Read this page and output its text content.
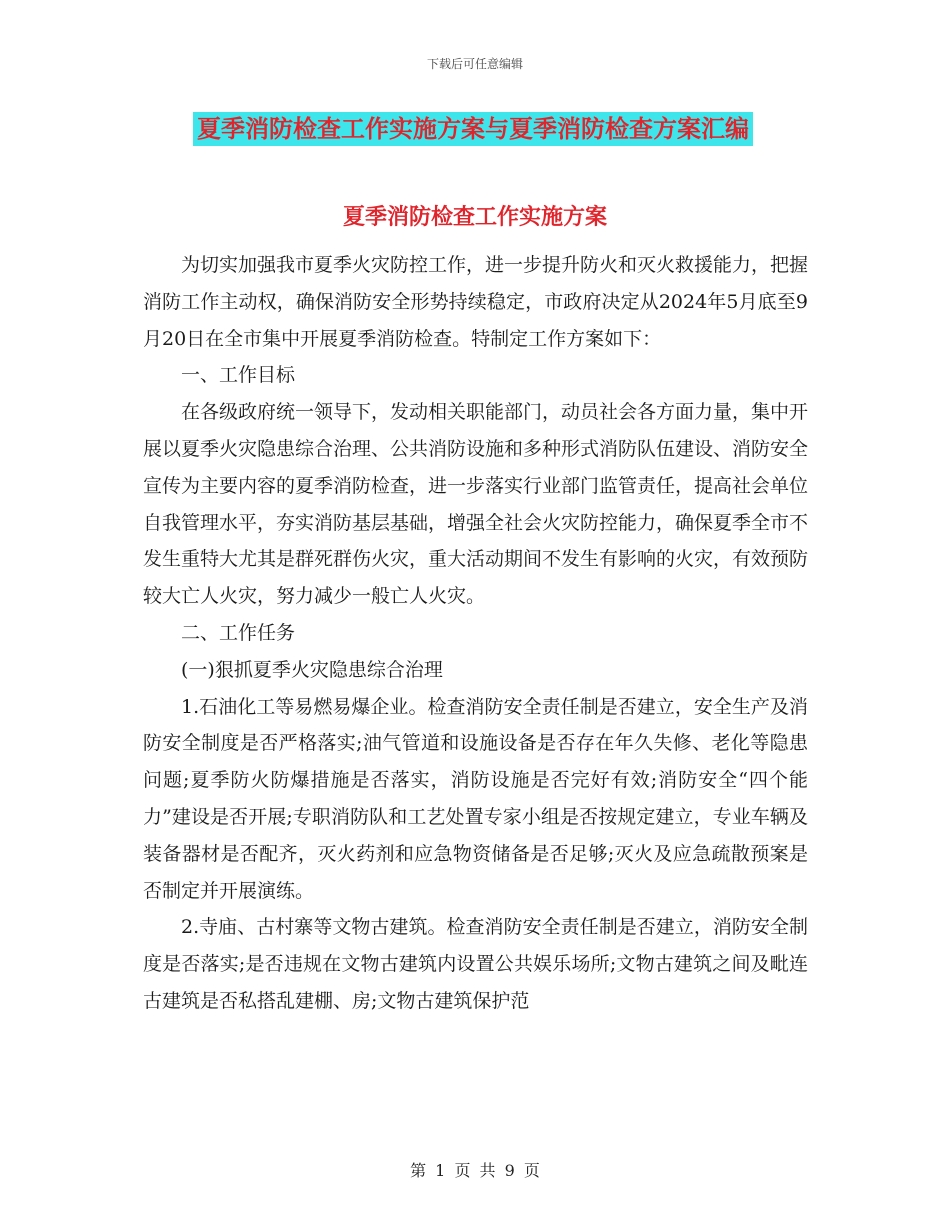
下载后可任意编辑
夏季消防检查工作实施方案与夏季消防检查方案汇编
夏季消防检查工作实施方案

为切实加强我市夏季火灾防控工作，进一步提升防火和灭火救援能力，把握消防工作主动权，确保消防安全形势持续稳定，市政府决定从2024年5月底至9月20日在全市集中开展夏季消防检查。特制定工作方案如下：

一、工作目标

在各级政府统一领导下，发动相关职能部门，动员社会各方面力量，集中开展以夏季火灾隐患综合治理、公共消防设施和多种形式消防队伍建设、消防安全宣传为主要内容的夏季消防检查，进一步落实行业部门监管责任，提高社会单位自我管理水平，夯实消防基层基础，增强全社会火灾防控能力，确保夏季全市不发生重特大尤其是群死群伤火灾，重大活动期间不发生有影响的火灾，有效预防较大亡人火灾，努力减少一般亡人火灾。

二、工作任务

(一)狠抓夏季火灾隐患综合治理

1.石油化工等易燃易爆企业。检查消防安全责任制是否建立，安全生产及消防安全制度是否严格落实;油气管道和设施设备是否存在年久失修、老化等隐患问题;夏季防火防爆措施是否落实，消防设施是否完好有效;消防安全“四个能力”建设是否开展;专职消防队和工艺处置专家小组是否按规定建立，专业车辆及装备器材是否配齐，灭火药剂和应急物资储备是否足够;灭火及应急疏散预案是否制定并开展演练。

2.寺庙、古村寨等文物古建筑。检查消防安全责任制是否建立，消防安全制度是否落实;是否违规在文物古建筑内设置公共娱乐场所;文物古建筑之间及毗连古建筑是否私搭乱建棚、房;文物古建筑保护范

第 1 页 共 9 页
